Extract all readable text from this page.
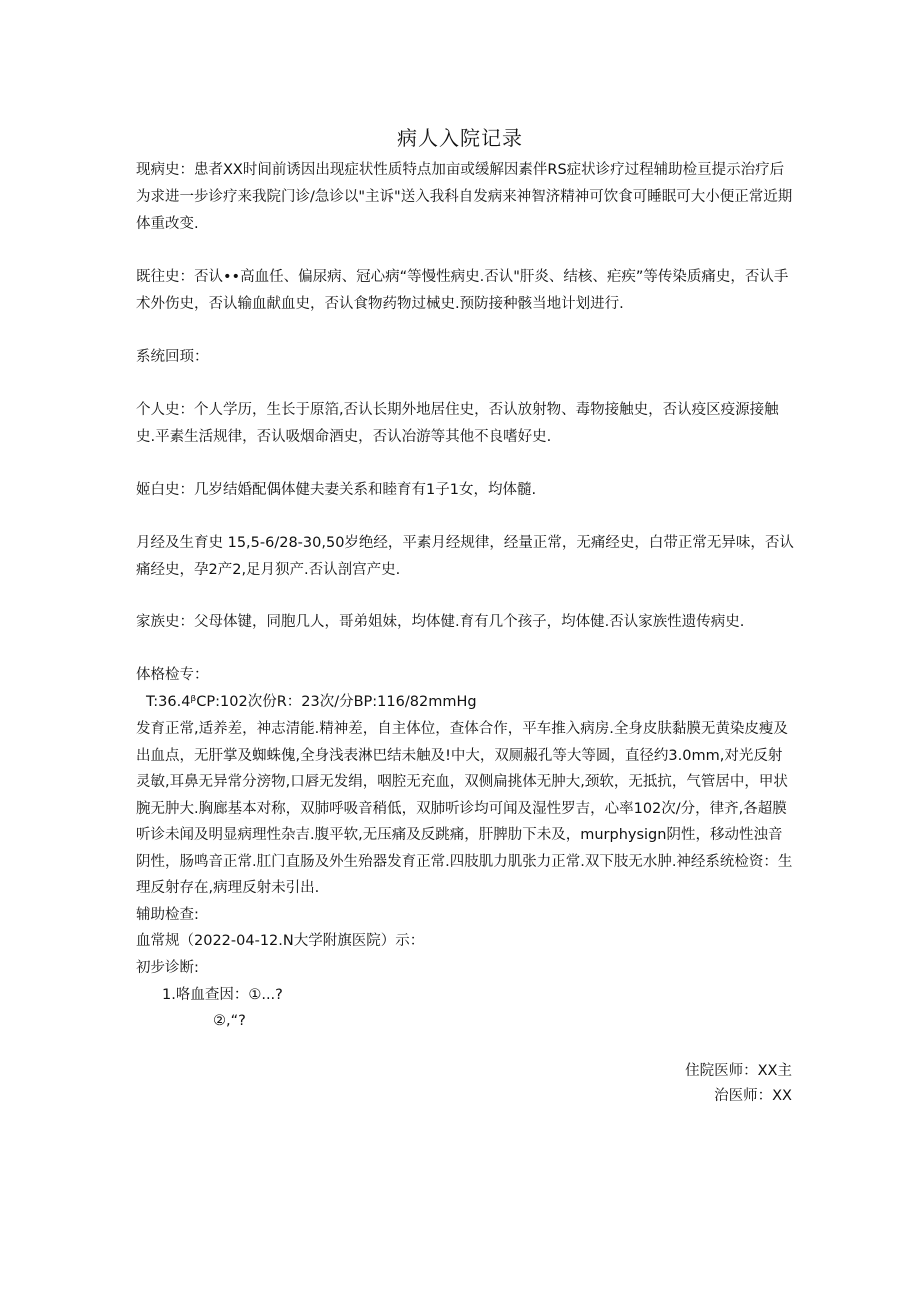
病人入院记录

现病史：患者XX时间前诱因出现症状性质特点加亩或缓解因素伴RS症状诊疗过程辅助检亘提示治疗后为求进一步诊疗来我院门诊/急诊以"主诉"送入我科自发病来神智济精神可饮食可睡眠可大小便正常近期体重改变.

既往史：否认••高血任、偏尿病、冠心病“等慢性病史.否认"肝炎、结核、疟疾”等传染质痛史，否认手术外伤史，否认输血献血史，否认食物药物过械史.预防接种骸当地计划进行.

系统回顼：

个人史：个人学历，生长于原箔,否认长期外地居住史，否认放射物、毒物接触史，否认疫区疫源接触史.平素生活规律，否认吸烟命酒史，否认冶游等其他不良嗜好史.

姬白史：几岁结婚配偶体健夫妻关系和睦育有1子1女，均体髓.

月经及生育史 15,5-6/28-30,50岁绝经，平素月经规律，经量正常，无痛经史，白带正常无异味，否认痛经史，孕2产2,足月狈产.否认剖宫产史.

家族史：父母体键，同胞几人，哥弟姐妹，均体健.育有几个孩子，均体健.否认家族性遗传病史.

体格检专：
T:36.4ᵝCP:102次份R：23次/分BP:116/82mmHg

发育正常,适养差，神志清能.精神差，自主体位，查体合作，平车推入病房.全身皮肤黏膜无黄染皮瘦及出血点，无肝掌及蜘蛛傀,全身浅表淋巴结未触及!中大，双厕赧孔等大等圆，直径约3.0mm,对光反射灵敏,耳鼻无异常分滂物,口唇无发绢，咽腔无充血，双侧扁挑体无肿大,颈软，无抵抗，气管居中，甲状腕无肿大.胸廊基本对称，双肺呼吸音稍低，双肺听诊均可闻及湿性罗吉，心率102次/分，律齐,各超膜听诊未闻及明显病理性杂吉.腹平软,无压痛及反跳痛，肝脾肋下未及，murphysign阴性，移动性浊音阴性，肠鸣音正常.肛门直肠及外生殆器发育正常.四肢肌力肌张力正常.双下肢无水肿.神经系统检资：生理反射存在,病理反射未引出.

辅助检查:
血常规（2022-04-12.N大学附旗医院）示：
初步诊断:
1.咯血查因：①...?
②,“?
住院医师：XX主
治医师：XX
